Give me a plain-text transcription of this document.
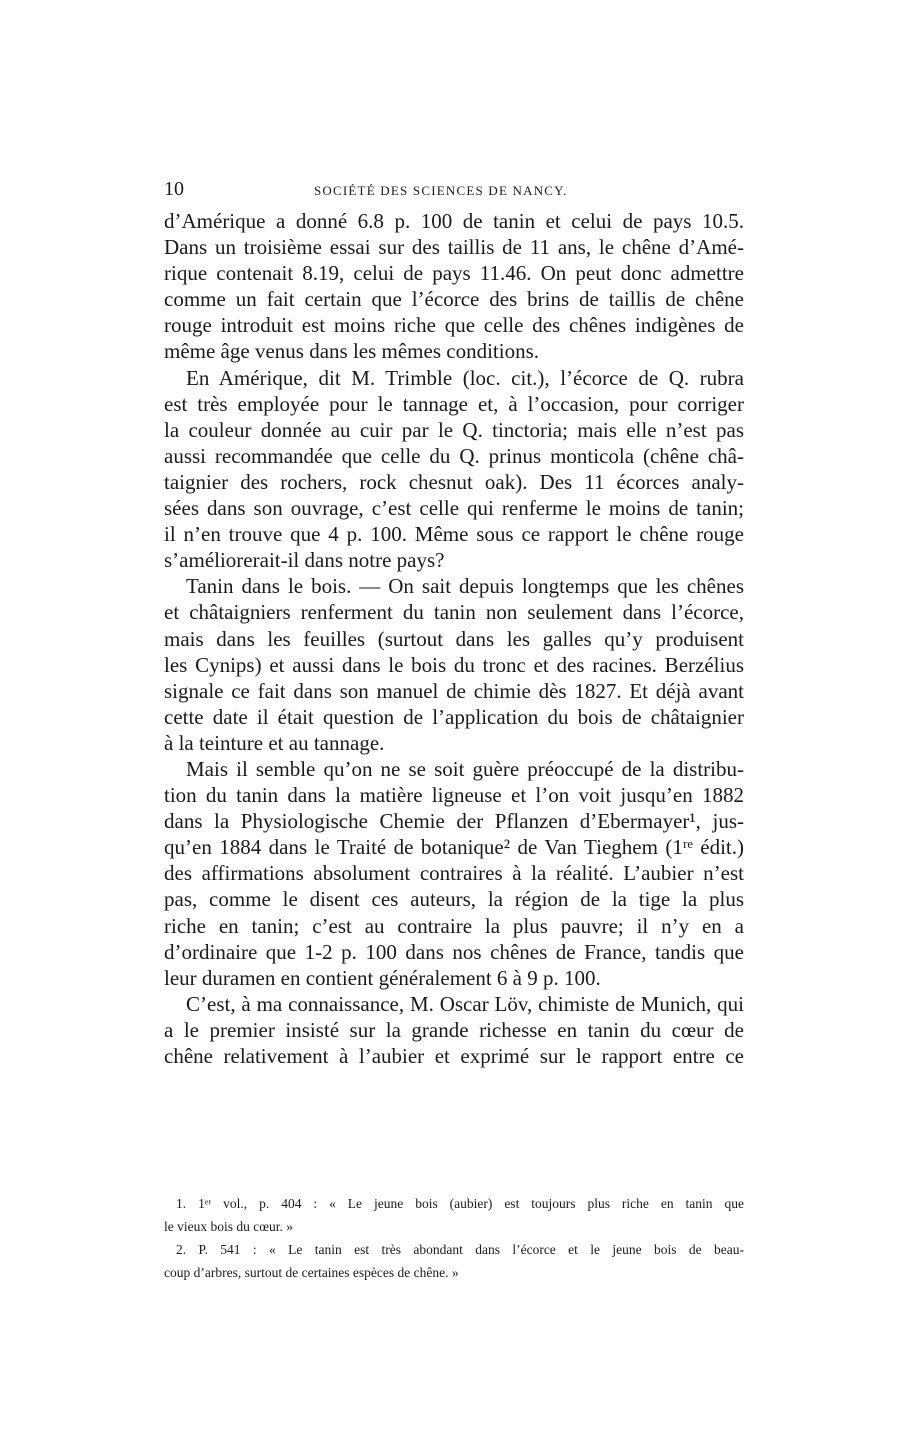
10	SOCIÉTÉ DES SCIENCES DE NANCY.
d’Amérique a donné 6.8 p. 100 de tanin et celui de pays 10.5.
Dans un troisième essai sur des taillis de 11 ans, le chêne d’Amé-
rique contenait 8.19, celui de pays 11.46. On peut donc admettre
comme un fait certain que l’écorce des brins de taillis de chêne
rouge introduit est moins riche que celle des chênes indigènes de
même âge venus dans les mêmes conditions.
En Amérique, dit M. Trimble (loc. cit.), l’écorce de Q. rubra
est très employée pour le tannage et, à l’occasion, pour corriger
la couleur donnée au cuir par le Q. tinctoria; mais elle n’est pas
aussi recommandée que celle du Q. prinus monticola (chêne châ-
taignier des rochers, rock chesnut oak). Des 11 écorces analy-
sées dans son ouvrage, c’est celle qui renferme le moins de tanin;
il n’en trouve que 4 p. 100. Même sous ce rapport le chêne rouge
s’améliorerait-il dans notre pays?
Tanin dans le bois. — On sait depuis longtemps que les chênes
et châtaigniers renferment du tanin non seulement dans l’écorce,
mais dans les feuilles (surtout dans les galles qu’y produisent
les Cynips) et aussi dans le bois du tronc et des racines. Berzélius
signale ce fait dans son manuel de chimie dès 1827. Et déjà avant
cette date il était question de l’application du bois de châtaignier
à la teinture et au tannage.
Mais il semble qu’on ne se soit guère préoccupé de la distribu-
tion du tanin dans la matière ligneuse et l’on voit jusqu’en 1882
dans la Physiologische Chemie der Pflanzen d’Ebermayer¹, jus-
qu’en 1884 dans le Traité de botanique² de Van Tieghem (1ʳᵉ édit.)
des affirmations absolument contraires à la réalité. L’aubier n’est
pas, comme le disent ces auteurs, la région de la tige la plus
riche en tanin; c’est au contraire la plus pauvre; il n’y en a
d’ordinaire que 1-2 p. 100 dans nos chênes de France, tandis que
leur duramen en contient généralement 6 à 9 p. 100.
C’est, à ma connaissance, M. Oscar Löv, chimiste de Munich, qui
a le premier insisté sur la grande richesse en tanin du cœur de
chêne relativement à l’aubier et exprimé sur le rapport entre ce
1. 1ᵉʳ vol., p. 404 : « Le jeune bois (aubier) est toujours plus riche en tanin que
le vieux bois du cœur. »
2. P. 541 : « Le tanin est très abondant dans l’écorce et le jeune bois de beau-
coup d’arbres, surtout de certaines espèces de chêne. »
